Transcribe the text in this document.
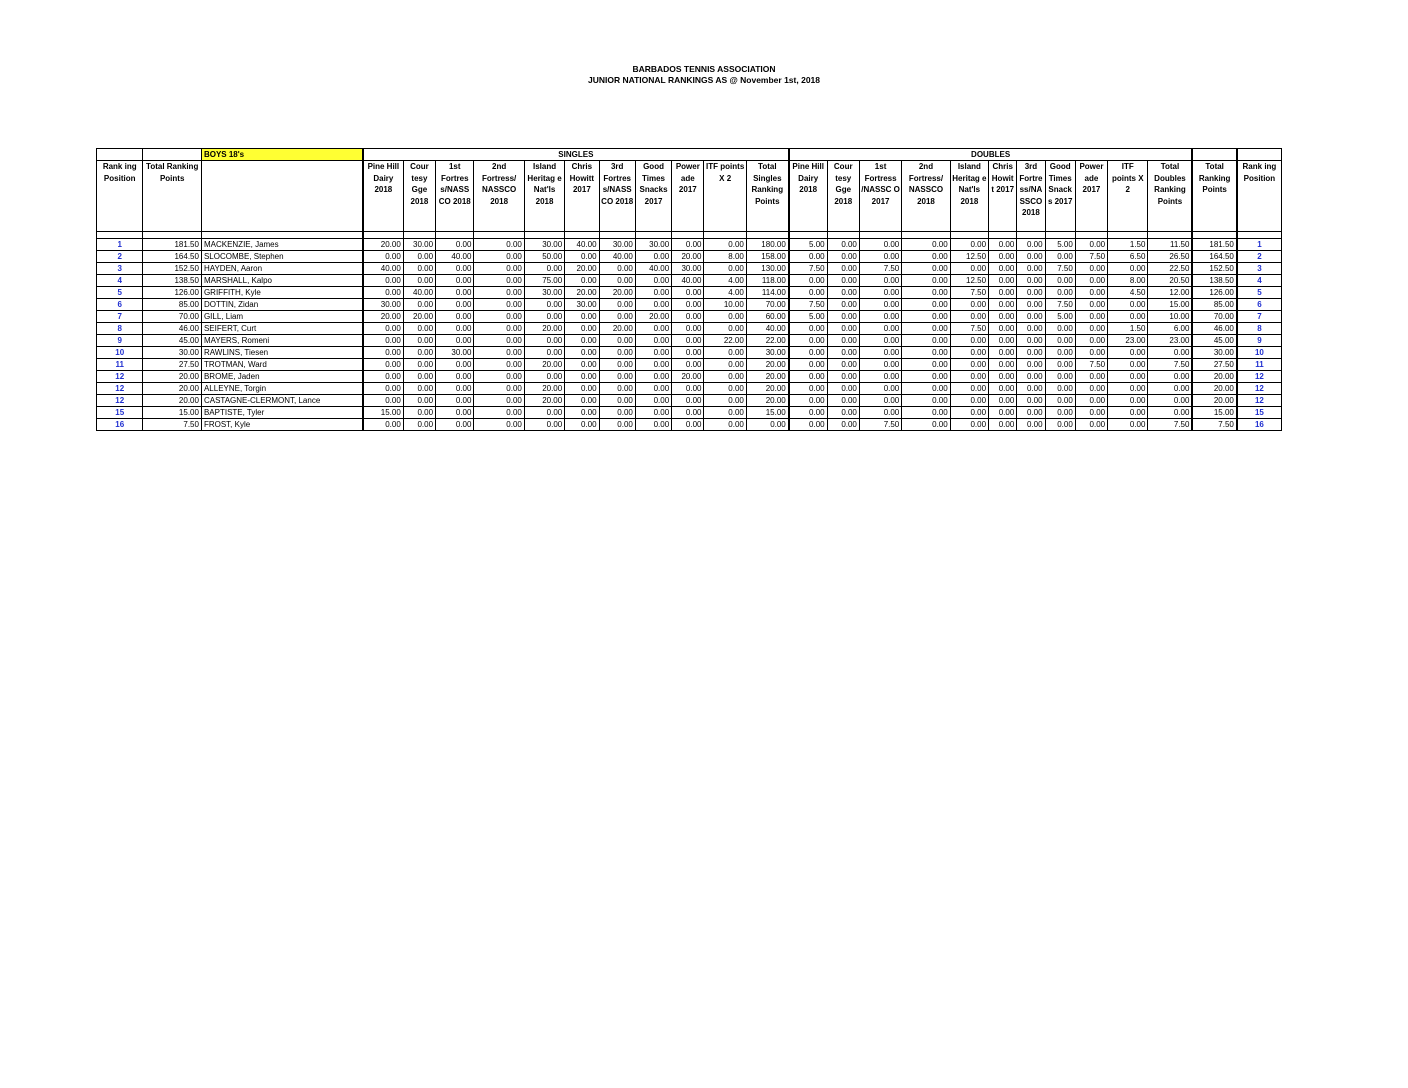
BARBADOS TENNIS ASSOCIATION
JUNIOR NATIONAL RANKINGS AS @ November 1st, 2018
		BOYS 18's	SINGLES											DOUBLES												
Rank ing Position	Total Ranking Points		Pine Hill Dairy 2018	Cour tesy Gge 2018	1st Fortres s/NASS CO 2018	2nd Fortress/ NASSCO 2018	Island Heritag e Nat'ls 2018	Chris Howitt 2017	3rd Fortres s/NASS CO 2018	Good Times Snacks 2017	Power ade 2017	ITF points X 2	Total Singles Ranking Points	Pine Hill Dairy 2018	Cour tesy Gge 2018	1st Fortress /NASSC O 2017	2nd Fortress/ NASSCO 2018	Island Heritag e Nat'ls 2018	Chris Howit t 2017	3rd Fortre ss/NA SSCO 2018	Good Times Snack s 2017	Power ade 2017	ITF points X 2	Total Doubles Ranking Points	Total Ranking Points	Rank ing Position

1	181.50	MACKENZIE, James	20.00	30.00	0.00	0.00	30.00	40.00	30.00	30.00	0.00	0.00	180.00	5.00	0.00	0.00	0.00	0.00	0.00	0.00	5.00	0.00	1.50	11.50	181.50	1
2	164.50	SLOCOMBE, Stephen	0.00	0.00	40.00	0.00	50.00	0.00	40.00	0.00	20.00	8.00	158.00	0.00	0.00	0.00	0.00	12.50	0.00	0.00	0.00	7.50	6.50	26.50	164.50	2
3	152.50	HAYDEN, Aaron	40.00	0.00	0.00	0.00	0.00	20.00	0.00	40.00	30.00	0.00	130.00	7.50	0.00	7.50	0.00	0.00	0.00	0.00	7.50	0.00	0.00	22.50	152.50	3
4	138.50	MARSHALL, Kalpo	0.00	0.00	0.00	0.00	75.00	0.00	0.00	0.00	40.00	4.00	118.00	0.00	0.00	0.00	0.00	12.50	0.00	0.00	0.00	0.00	8.00	20.50	138.50	4
5	126.00	GRIFFITH, Kyle	0.00	40.00	0.00	0.00	30.00	20.00	20.00	0.00	0.00	4.00	114.00	0.00	0.00	0.00	0.00	7.50	0.00	0.00	0.00	0.00	4.50	12.00	126.00	5
6	85.00	DOTTIN, Zidan	30.00	0.00	0.00	0.00	0.00	30.00	0.00	0.00	0.00	10.00	70.00	7.50	0.00	0.00	0.00	0.00	0.00	0.00	7.50	0.00	0.00	15.00	85.00	6
7	70.00	GILL, Liam	20.00	20.00	0.00	0.00	0.00	0.00	0.00	20.00	0.00	0.00	60.00	5.00	0.00	0.00	0.00	0.00	0.00	0.00	5.00	0.00	0.00	10.00	70.00	7
8	46.00	SEIFERT, Curt	0.00	0.00	0.00	0.00	20.00	0.00	20.00	0.00	0.00	0.00	40.00	0.00	0.00	0.00	0.00	7.50	0.00	0.00	0.00	0.00	1.50	6.00	46.00	8
9	45.00	MAYERS, Romeni	0.00	0.00	0.00	0.00	0.00	0.00	0.00	0.00	0.00	22.00	22.00	0.00	0.00	0.00	0.00	0.00	0.00	0.00	0.00	0.00	23.00	23.00	45.00	9
10	30.00	RAWLINS, Tiesen	0.00	0.00	30.00	0.00	0.00	0.00	0.00	0.00	0.00	0.00	30.00	0.00	0.00	0.00	0.00	0.00	0.00	0.00	0.00	0.00	0.00	0.00	30.00	10
11	27.50	TROTMAN, Ward	0.00	0.00	0.00	0.00	20.00	0.00	0.00	0.00	0.00	0.00	20.00	0.00	0.00	0.00	0.00	0.00	0.00	0.00	0.00	7.50	0.00	7.50	27.50	11
12	20.00	BROME, Jaden	0.00	0.00	0.00	0.00	0.00	0.00	0.00	0.00	20.00	0.00	20.00	0.00	0.00	0.00	0.00	0.00	0.00	0.00	0.00	0.00	0.00	0.00	20.00	12
12	20.00	ALLEYNE, Torgin	0.00	0.00	0.00	0.00	20.00	0.00	0.00	0.00	0.00	0.00	20.00	0.00	0.00	0.00	0.00	0.00	0.00	0.00	0.00	0.00	0.00	0.00	20.00	12
12	20.00	CASTAGNE-CLERMONT, Lance	0.00	0.00	0.00	0.00	20.00	0.00	0.00	0.00	0.00	0.00	20.00	0.00	0.00	0.00	0.00	0.00	0.00	0.00	0.00	0.00	0.00	0.00	20.00	12
15	15.00	BAPTISTE, Tyler	15.00	0.00	0.00	0.00	0.00	0.00	0.00	0.00	0.00	0.00	15.00	0.00	0.00	0.00	0.00	0.00	0.00	0.00	0.00	0.00	0.00	0.00	15.00	15
16	7.50	FROST, Kyle	0.00	0.00	0.00	0.00	0.00	0.00	0.00	0.00	0.00	0.00	0.00	0.00	0.00	7.50	0.00	0.00	0.00	0.00	0.00	0.00	0.00	7.50	7.50	16
